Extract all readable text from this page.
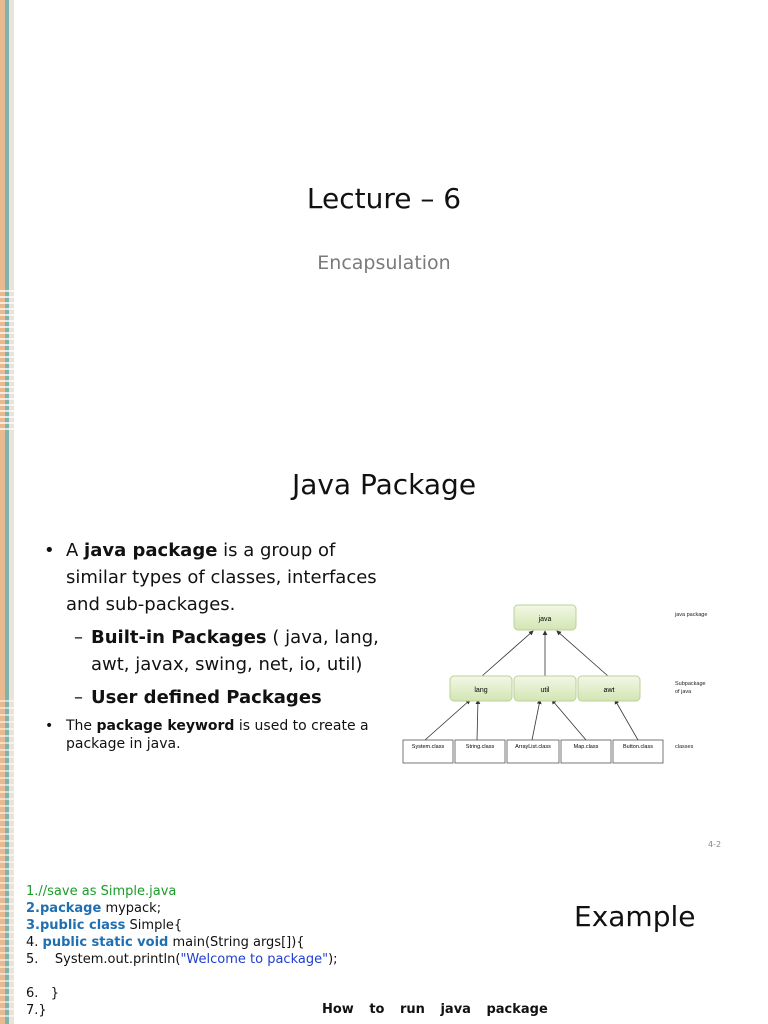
Lecture – 6
Encapsulation
Java Package
• A java package is a group of similar types of classes, interfaces and sub-packages.
– Built-in Packages ( java, lang, awt, javax, swing, net, io, util)
– User defined Packages
• The package keyword is used to create a package in java.
java
lang	util	awt
System.class	String.class	ArrayList.class	Map.class	Button.class
java package
Subpackage
of java
classes
4-2
1.//save as Simple.java
2.package mypack;
3.public class Simple{
4. public static void main(String args[]){
5.    System.out.println("Welcome to package");
6.   }
7.}
Example
How to run java package
